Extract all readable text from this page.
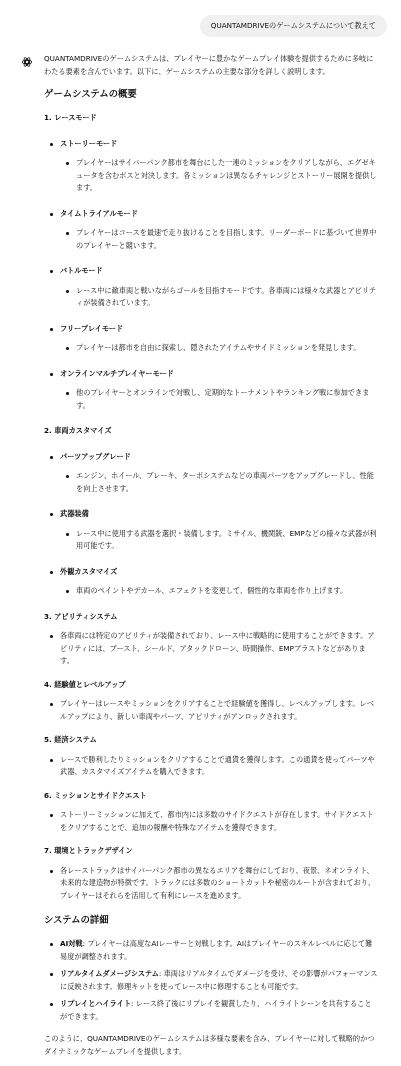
QUANTAMDRIVEのゲームシステムについて教えて

QUANTAMDRIVEのゲームシステムは、プレイヤーに豊かなゲームプレイ体験を提供するために多岐にわたる要素を含んでいます。以下に、ゲームシステムの主要な部分を詳しく説明します。

ゲームシステムの概要
1. レースモード
ストーリーモード
プレイヤーはサイバーパンク都市を舞台にした一連のミッションをクリアしながら、エグゼキュータを含むボスと対決します。各ミッションは異なるチャレンジとストーリー展開を提供します。
タイムトライアルモード
プレイヤーはコースを最速で走り抜けることを目指します。リーダーボードに基づいて世界中のプレイヤーと競います。
バトルモード
レース中に敵車両と戦いながらゴールを目指すモードです。各車両には様々な武器とアビリティが装備されています。
フリープレイモード
プレイヤーは都市を自由に探索し、隠されたアイテムやサイドミッションを発見します。
オンラインマルチプレイヤーモード
他のプレイヤーとオンラインで対戦し、定期的なトーナメントやランキング戦に参加できます。
2. 車両カスタマイズ
パーツアップグレード
エンジン、ホイール、ブレーキ、ターボシステムなどの車両パーツをアップグレードし、性能を向上させます。
武器装備
レース中に使用する武器を選択・装備します。ミサイル、機関銃、EMPなどの様々な武器が利用可能です。
外観カスタマイズ
車両のペイントやデカール、エフェクトを変更して、個性的な車両を作り上げます。
3. アビリティシステム
各車両には特定のアビリティが装備されており、レース中に戦略的に使用することができます。アビリティには、ブースト、シールド、アタックドローン、時間操作、EMPブラストなどがあります。
4. 経験値とレベルアップ
プレイヤーはレースやミッションをクリアすることで経験値を獲得し、レベルアップします。レベルアップにより、新しい車両やパーツ、アビリティがアンロックされます。
5. 経済システム
レースで勝利したりミッションをクリアすることで通貨を獲得します。この通貨を使ってパーツや武器、カスタマイズアイテムを購入できます。
6. ミッションとサイドクエスト
ストーリーミッションに加えて、都市内には多数のサイドクエストが存在します。サイドクエストをクリアすることで、追加の報酬や特殊なアイテムを獲得できます。
7. 環境とトラックデザイン
各レーストラックはサイバーパンク都市の異なるエリアを舞台にしており、夜景、ネオンライト、未来的な建造物が特徴です。トラックには多数のショートカットや秘密のルートが含まれており、プレイヤーはそれらを活用して有利にレースを進めます。
システムの詳細
AI対戦: プレイヤーは高度なAIレーサーと対戦します。AIはプレイヤーのスキルレベルに応じて難易度が調整されます。
リアルタイムダメージシステム: 車両はリアルタイムでダメージを受け、その影響がパフォーマンスに反映されます。修理キットを使ってレース中に修理することも可能です。
リプレイとハイライト: レース終了後にリプレイを観賞したり、ハイライトシーンを共有することができます。

このように、QUANTAMDRIVEのゲームシステムは多様な要素を含み、プレイヤーに対して戦略的かつダイナミックなゲームプレイを提供します。
